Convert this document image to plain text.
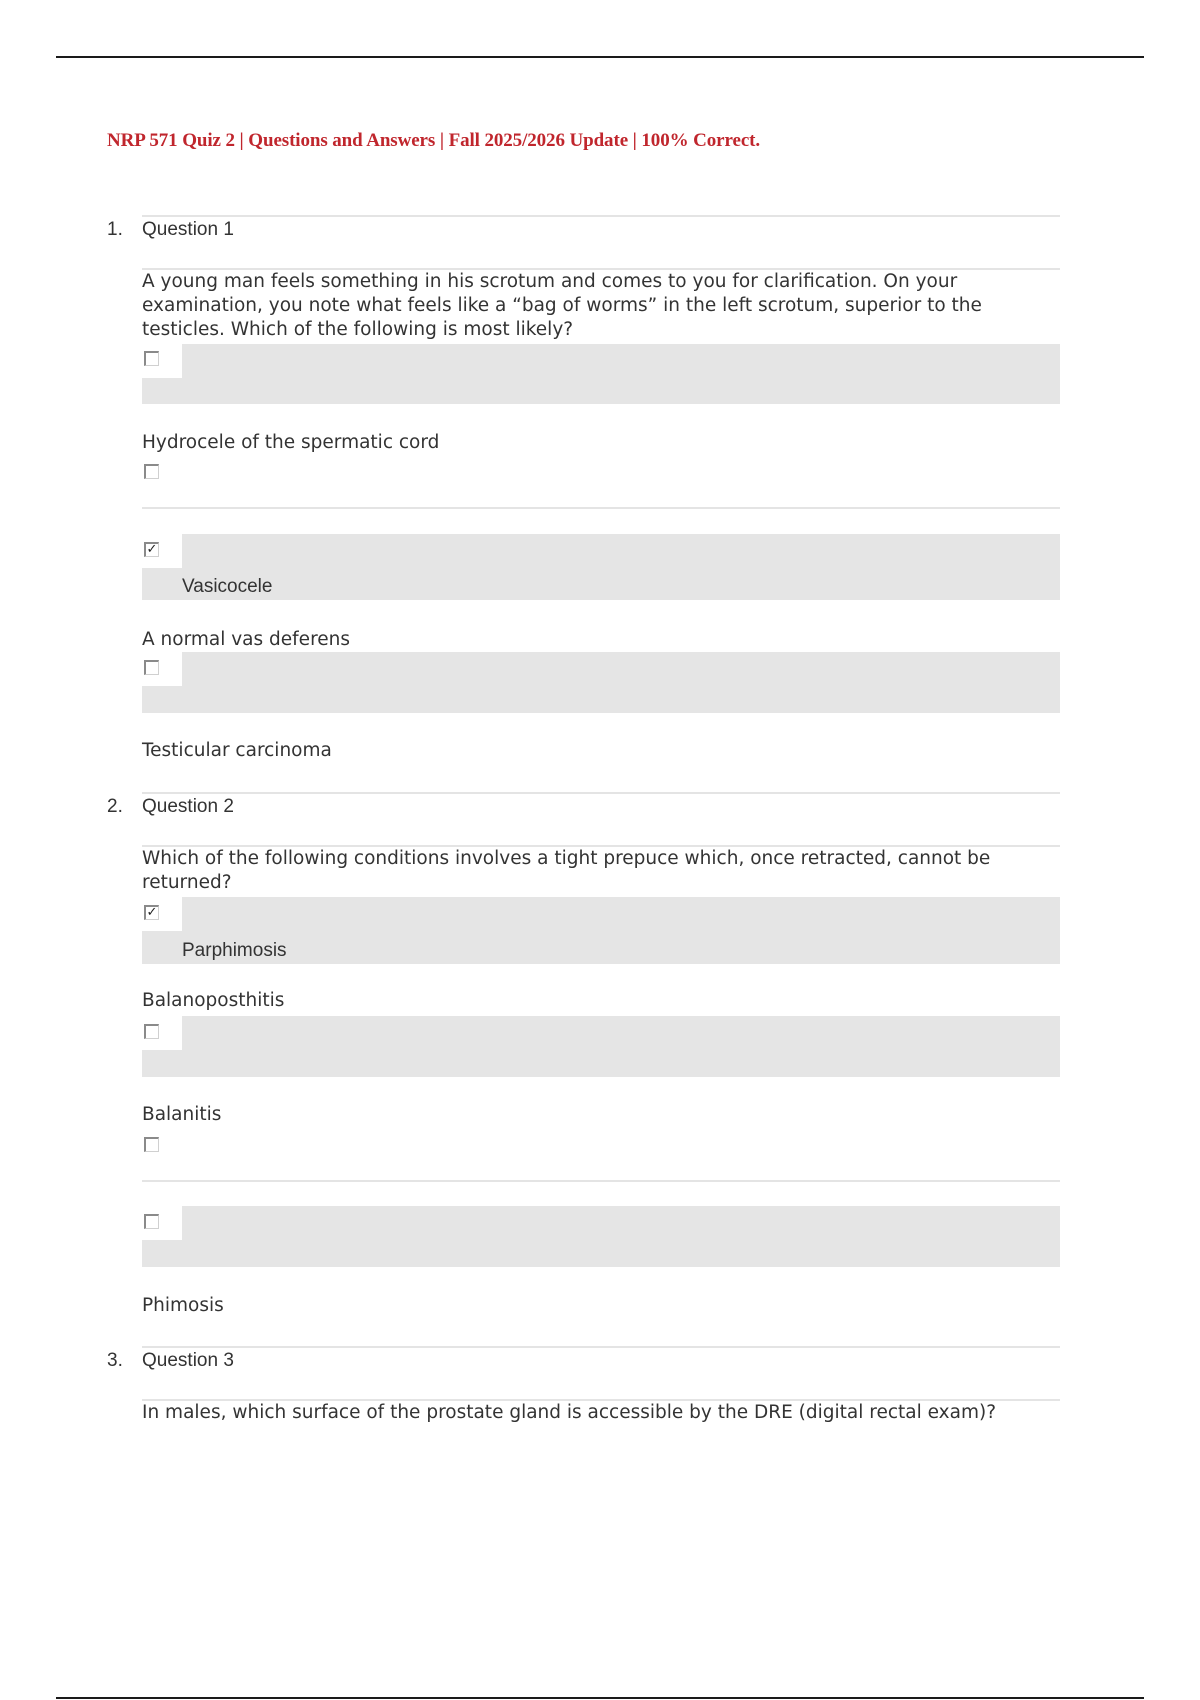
NRP 571 Quiz 2 | Questions and Answers | Fall 2025/2026 Update | 100% Correct.
1. Question 1

A young man feels something in his scrotum and comes to you for clarification. On your examination, you note what feels like a “bag of worms” in the left scrotum, superior to the testicles. Which of the following is most likely?

Hydrocele of the spermatic cord
✓
Vasicocele
A normal vas deferens
Testicular carcinoma
2. Question 2

Which of the following conditions involves a tight prepuce which, once retracted, cannot be returned?

✓
Parphimosis
Balanoposthitis
Balanitis
Phimosis
3. Question 3

In males, which surface of the prostate gland is accessible by the DRE (digital rectal exam)?
